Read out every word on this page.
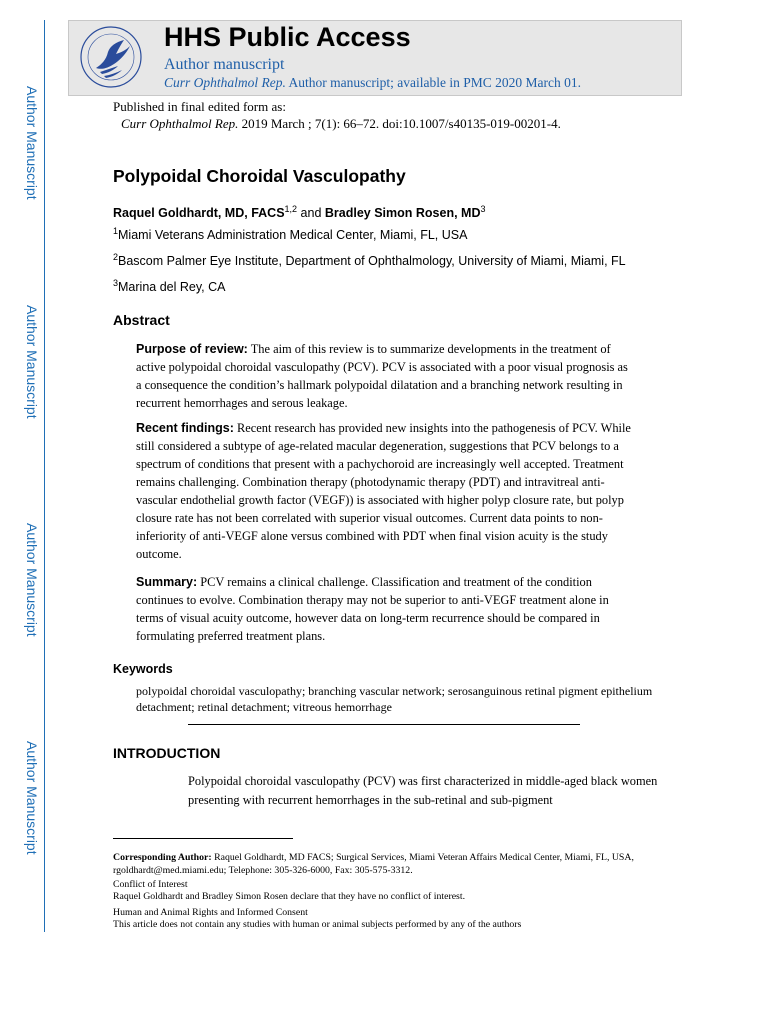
Author Manuscript
Author Manuscript
Author Manuscript
Author Manuscript
HHS Public Access
Author manuscript
Curr Ophthalmol Rep. Author manuscript; available in PMC 2020 March 01.
Published in final edited form as:
Curr Ophthalmol Rep. 2019 March ; 7(1): 66–72. doi:10.1007/s40135-019-00201-4.
Polypoidal Choroidal Vasculopathy
Raquel Goldhardt, MD, FACS$^{1,2}$ and Bradley Simon Rosen, $MD^3$
$^1$Miami Veterans Administration Medical Center, Miami, FL, USA
$^2$Bascom Palmer Eye Institute, Department of Ophthalmology, University of Miami, Miami, FL
$^3$Marina del Rey, CA
Abstract
Purpose of review: The aim of this review is to summarize developments in the treatment of active polypoidal choroidal vasculopathy (PCV). PCV is associated with a poor visual prognosis as a consequence the condition’s hallmark polypoidal dilatation and a branching network resulting in recurrent hemorrhages and serous leakage.
Recent findings: Recent research has provided new insights into the pathogenesis of PCV. While still considered a subtype of age-related macular degeneration, suggestions that PCV belongs to a spectrum of conditions that present with a pachychoroid are increasingly well accepted. Treatment remains challenging. Combination therapy (photodynamic therapy (PDT) and intravitreal anti-vascular endothelial growth factor (VEGF)) is associated with higher polyp closure rate, but polyp closure rate has not been correlated with superior visual outcomes. Current data points to non-inferiority of anti-VEGF alone versus combined with PDT when final vision acuity is the study outcome.
Summary: PCV remains a clinical challenge. Classification and treatment of the condition continues to evolve. Combination therapy may not be superior to anti-VEGF treatment alone in terms of visual acuity outcome, however data on long-term recurrence should be compared in formulating preferred treatment plans.
Keywords
polypoidal choroidal vasculopathy; branching vascular network; serosanguinous retinal pigment epithelium detachment; retinal detachment; vitreous hemorrhage
INTRODUCTION
Polypoidal choroidal vasculopathy (PCV) was first characterized in middle-aged black women presenting with recurrent hemorrhages in the sub-retinal and sub-pigment
Corresponding Author: Raquel Goldhardt, MD FACS; Surgical Services, Miami Veteran Affairs Medical Center, Miami, FL, USA, rgoldhardt@med.miami.edu; Telephone: 305-326-6000, Fax: 305-575-3312.
Conflict of Interest
Raquel Goldhardt and Bradley Simon Rosen declare that they have no conflict of interest.
Human and Animal Rights and Informed Consent
This article does not contain any studies with human or animal subjects performed by any of the authors
